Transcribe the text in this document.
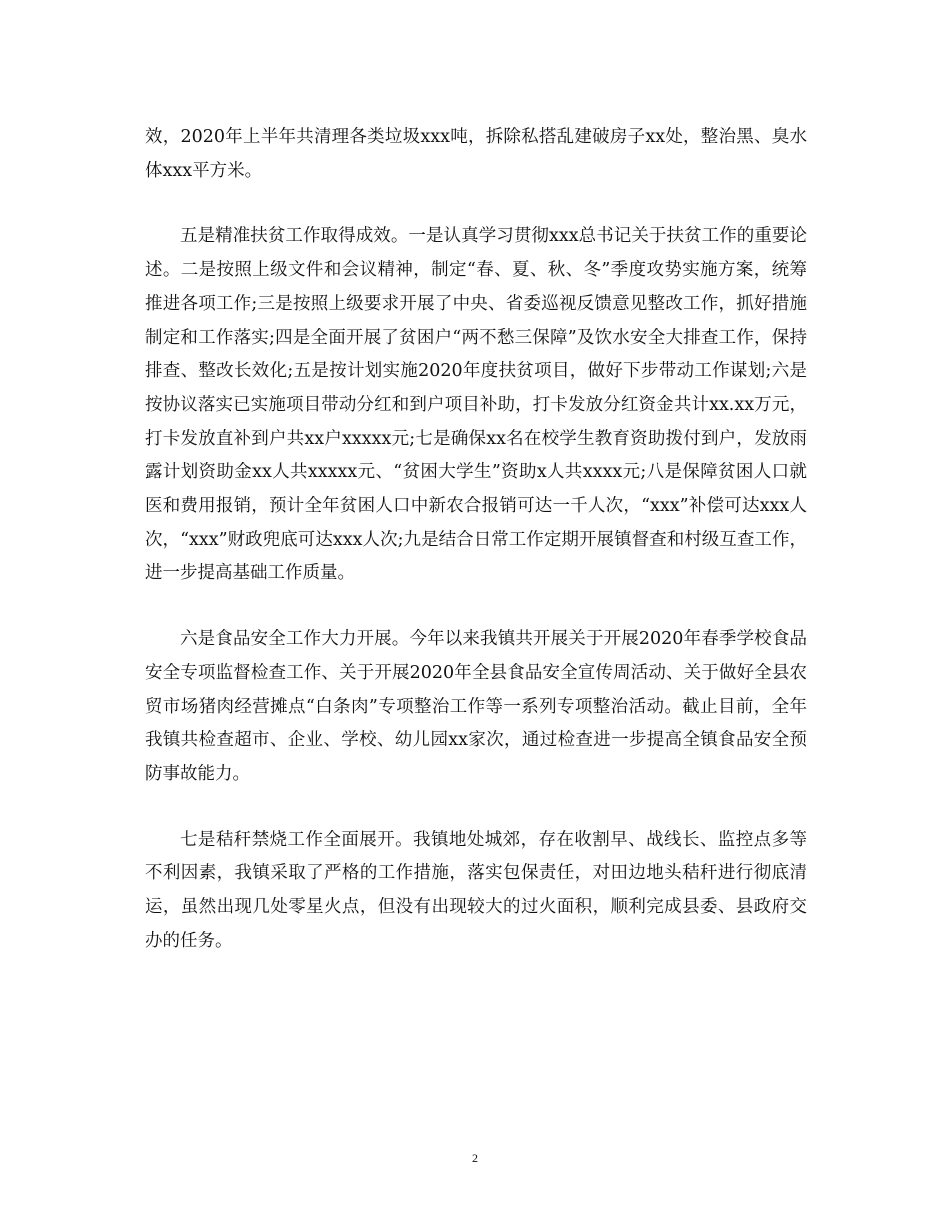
效，2020年上半年共清理各类垃圾xxx吨，拆除私搭乱建破房子xx处，整治黑、臭水体xxx平方米。

五是精准扶贫工作取得成效。一是认真学习贯彻xxx总书记关于扶贫工作的重要论述。二是按照上级文件和会议精神，制定“春、夏、秋、冬”季度攻势实施方案，统筹推进各项工作;三是按照上级要求开展了中央、省委巡视反馈意见整改工作，抓好措施制定和工作落实;四是全面开展了贫困户“两不愁三保障”及饮水安全大排查工作，保持排查、整改长效化;五是按计划实施2020年度扶贫项目，做好下步带动工作谋划;六是按协议落实已实施项目带动分红和到户项目补助，打卡发放分红资金共计xx.xx万元，打卡发放直补到户共xx户xxxxx元;七是确保xx名在校学生教育资助拨付到户，发放雨露计划资助金xx人共xxxxx元、“贫困大学生”资助x人共xxxx元;八是保障贫困人口就医和费用报销，预计全年贫困人口中新农合报销可达一千人次，“xxx”补偿可达xxx人次，“xxx”财政兜底可达xxx人次;九是结合日常工作定期开展镇督查和村级互查工作，进一步提高基础工作质量。

六是食品安全工作大力开展。今年以来我镇共开展关于开展2020年春季学校食品安全专项监督检查工作、关于开展2020年全县食品安全宣传周活动、关于做好全县农贸市场猪肉经营摊点“白条肉”专项整治工作等一系列专项整治活动。截止目前，全年我镇共检查超市、企业、学校、幼儿园xx家次，通过检查进一步提高全镇食品安全预防事故能力。

七是秸秆禁烧工作全面展开。我镇地处城郊，存在收割早、战线长、监控点多等不利因素，我镇采取了严格的工作措施，落实包保责任，对田边地头秸秆进行彻底清运，虽然出现几处零星火点，但没有出现较大的过火面积，顺利完成县委、县政府交办的任务。

2
